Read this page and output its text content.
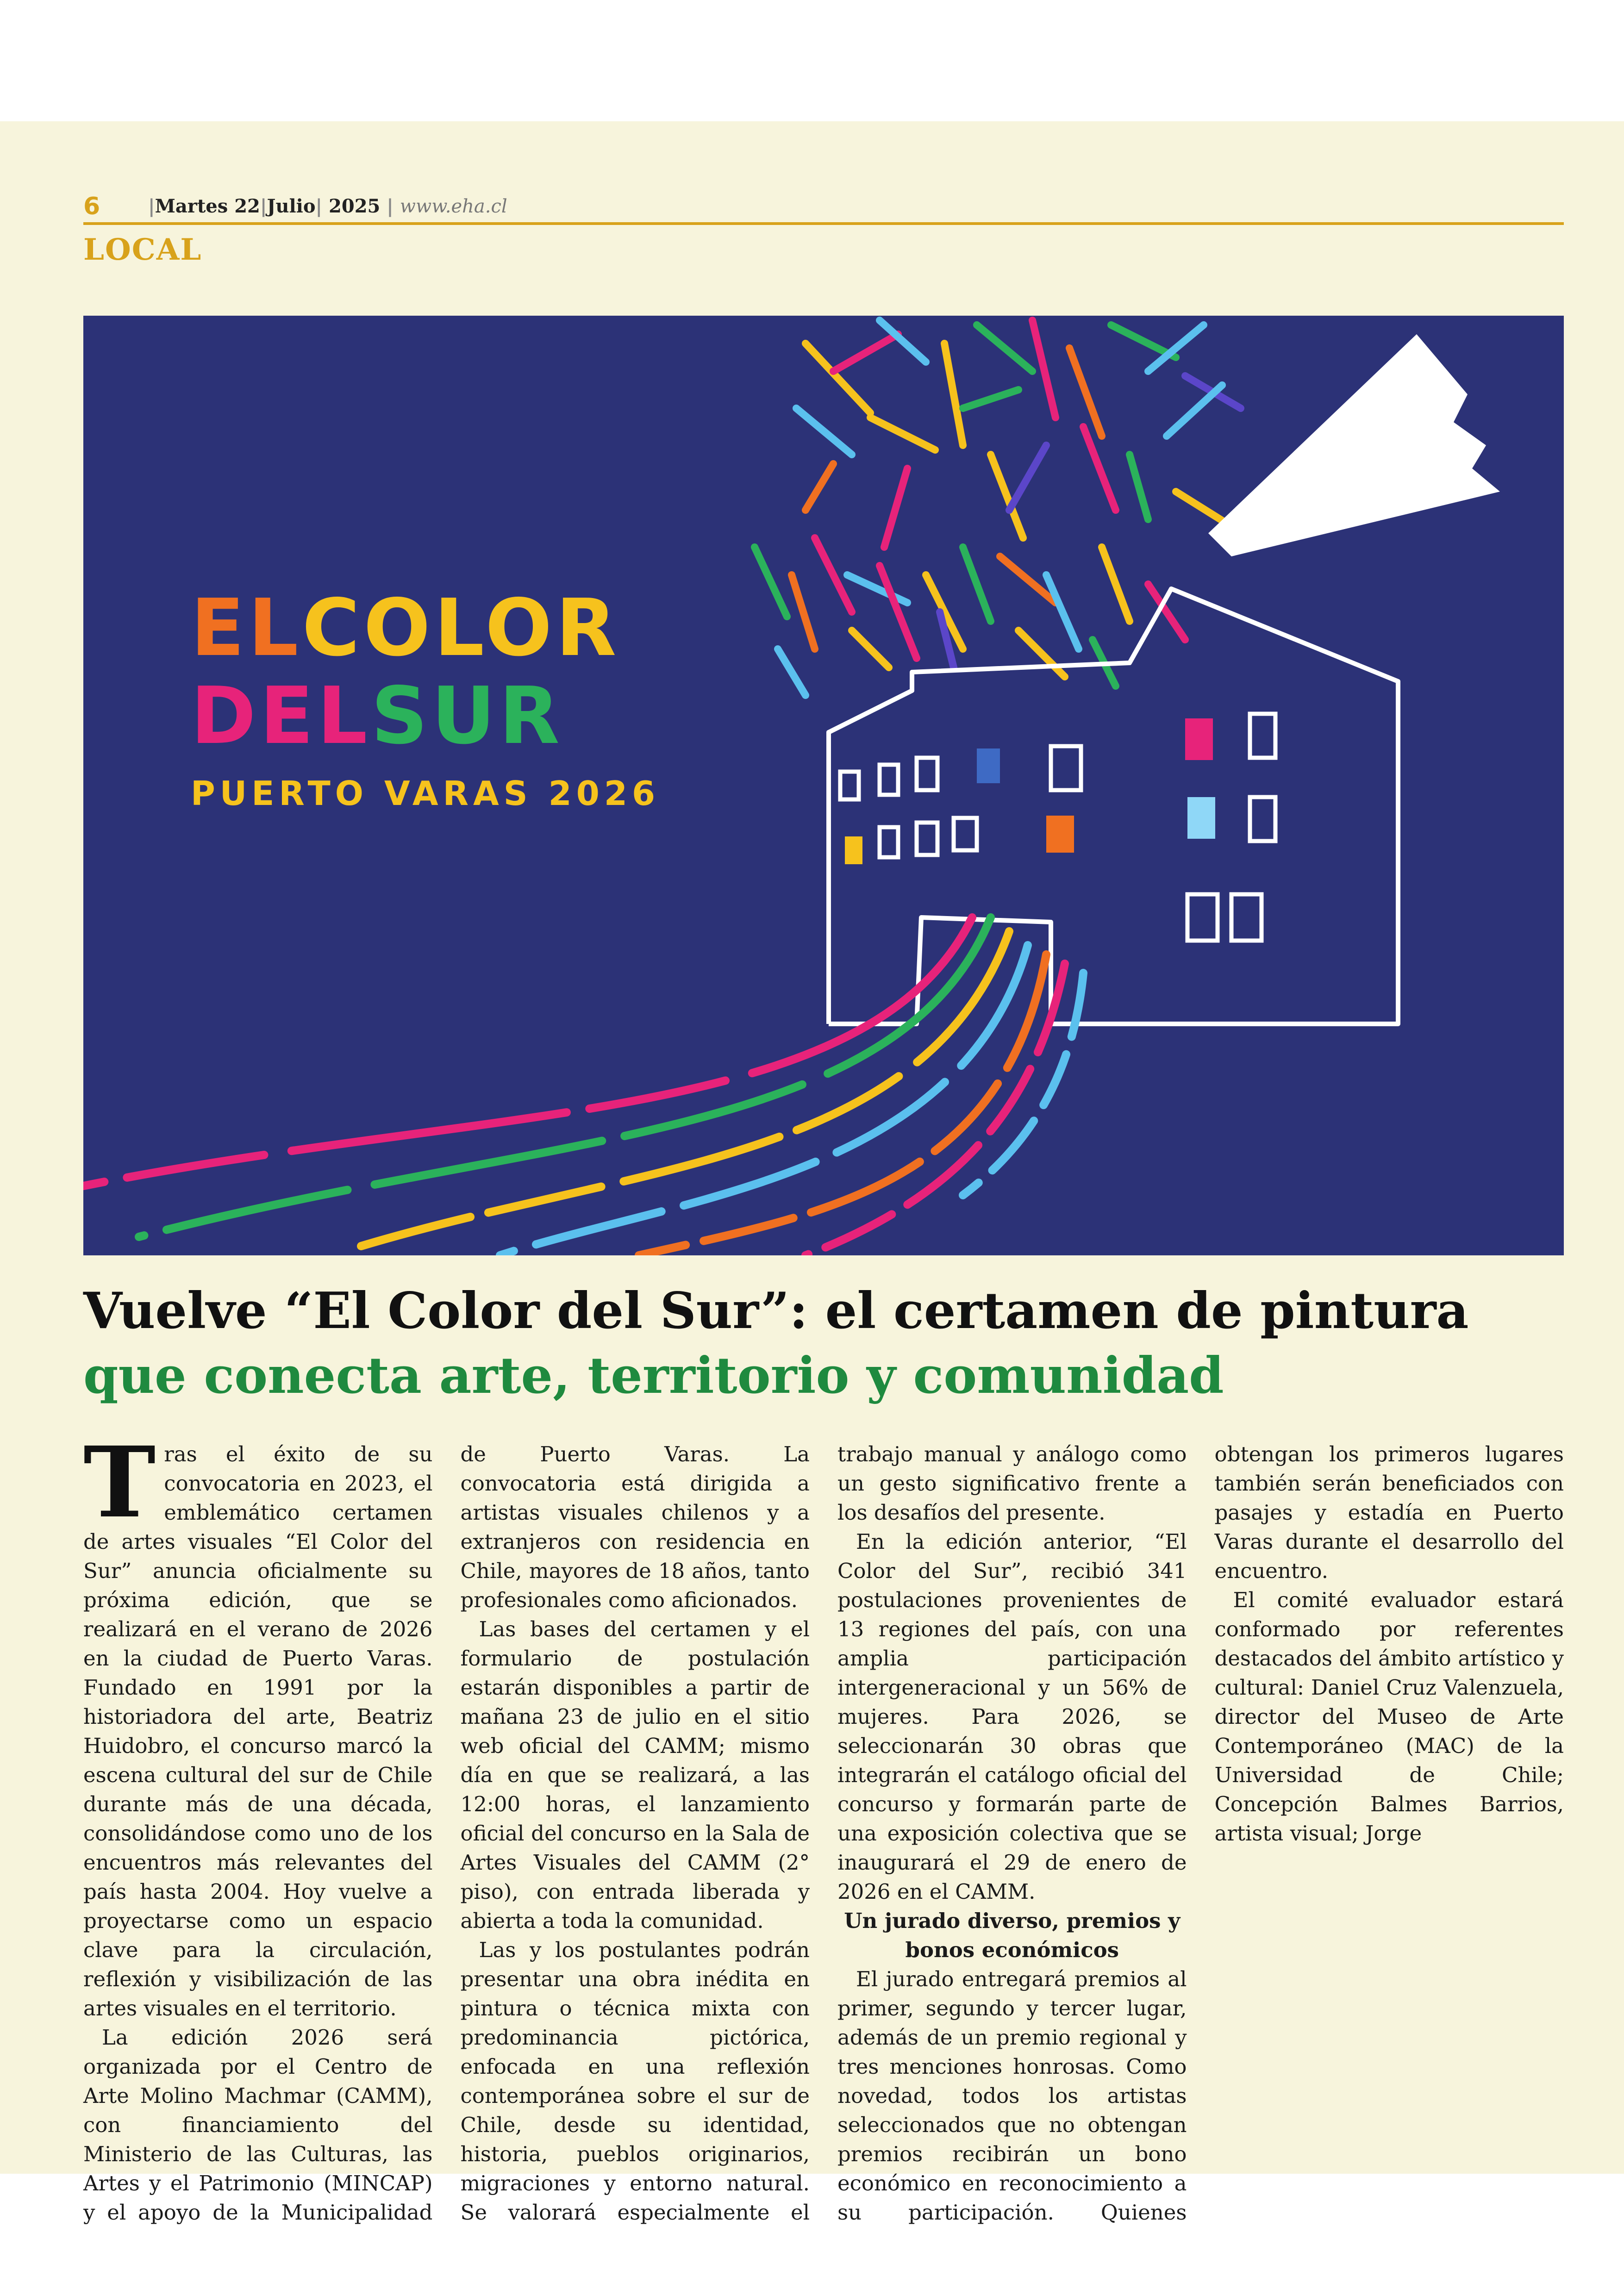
6	|Martes 22|Julio| 2025 | www.eha.cl
LOCAL
ELCOLOR
DELSUR
PUERTO VARAS 2026
Vuelve “El Color del Sur”: el certamen de pintura
que conecta arte, territorio y comunidad

Tras el éxito de su convocatoria en 2023, el emblemático certamen de artes visuales “El Color del Sur” anuncia oficialmente su próxima edición, que se realizará en el verano de 2026 en la ciudad de Puerto Varas. Fundado en 1991 por la historiadora del arte, Beatriz Huidobro, el concurso marcó la escena cultural del sur de Chile durante más de una década, consolidándose como uno de los encuentros más relevantes del país hasta 2004. Hoy vuelve a proyectarse como un espacio clave para la circulación, reflexión y visibilización de las artes visuales en el territorio.

La edición 2026 será organizada por el Centro de Arte Molino Machmar (CAMM), con financiamiento del Ministerio de las Culturas, las Artes y el Patrimonio (MINCAP) y el apoyo de la Municipalidad de Puerto Varas. La convocatoria está dirigida a artistas visuales chilenos y a extranjeros con residencia en Chile, mayores de 18 años, tanto profesionales como aficionados.

Las bases del certamen y el formulario de postulación estarán disponibles a partir de mañana 23 de julio en el sitio web oficial del CAMM; mismo día en que se realizará, a las 12:00 horas, el lanzamiento oficial del concurso en la Sala de Artes Visuales del CAMM (2° piso), con entrada liberada y abierta a toda la comunidad.

Las y los postulantes podrán presentar una obra inédita en pintura o técnica mixta con predominancia pictórica, enfocada en una reflexión contemporánea sobre el sur de Chile, desde su identidad, historia, pueblos originarios, migraciones y entorno natural. Se valorará especialmente el trabajo manual y análogo como un gesto significativo frente a los desafíos del presente.

En la edición anterior, “El Color del Sur”, recibió 341 postulaciones provenientes de 13 regiones del país, con una amplia participación intergeneracional y un 56% de mujeres. Para 2026, se seleccionarán 30 obras que integrarán el catálogo oficial del concurso y formarán parte de una exposición colectiva que se inaugurará el 29 de enero de 2026 en el CAMM.

Un jurado diverso, premios y bonos económicos

El jurado entregará premios al primer, segundo y tercer lugar, además de un premio regional y tres menciones honrosas. Como novedad, todos los artistas seleccionados que no obtengan premios recibirán un bono económico en reconocimiento a su participación. Quienes obtengan los primeros lugares también serán beneficiados con pasajes y estadía en Puerto Varas durante el desarrollo del encuentro.

El comité evaluador estará conformado por referentes destacados del ámbito artístico y cultural: Daniel Cruz Valenzuela, director del Museo de Arte Contemporáneo (MAC) de la Universidad de Chile; Concepción Balmes Barrios, artista visual; Jorge
